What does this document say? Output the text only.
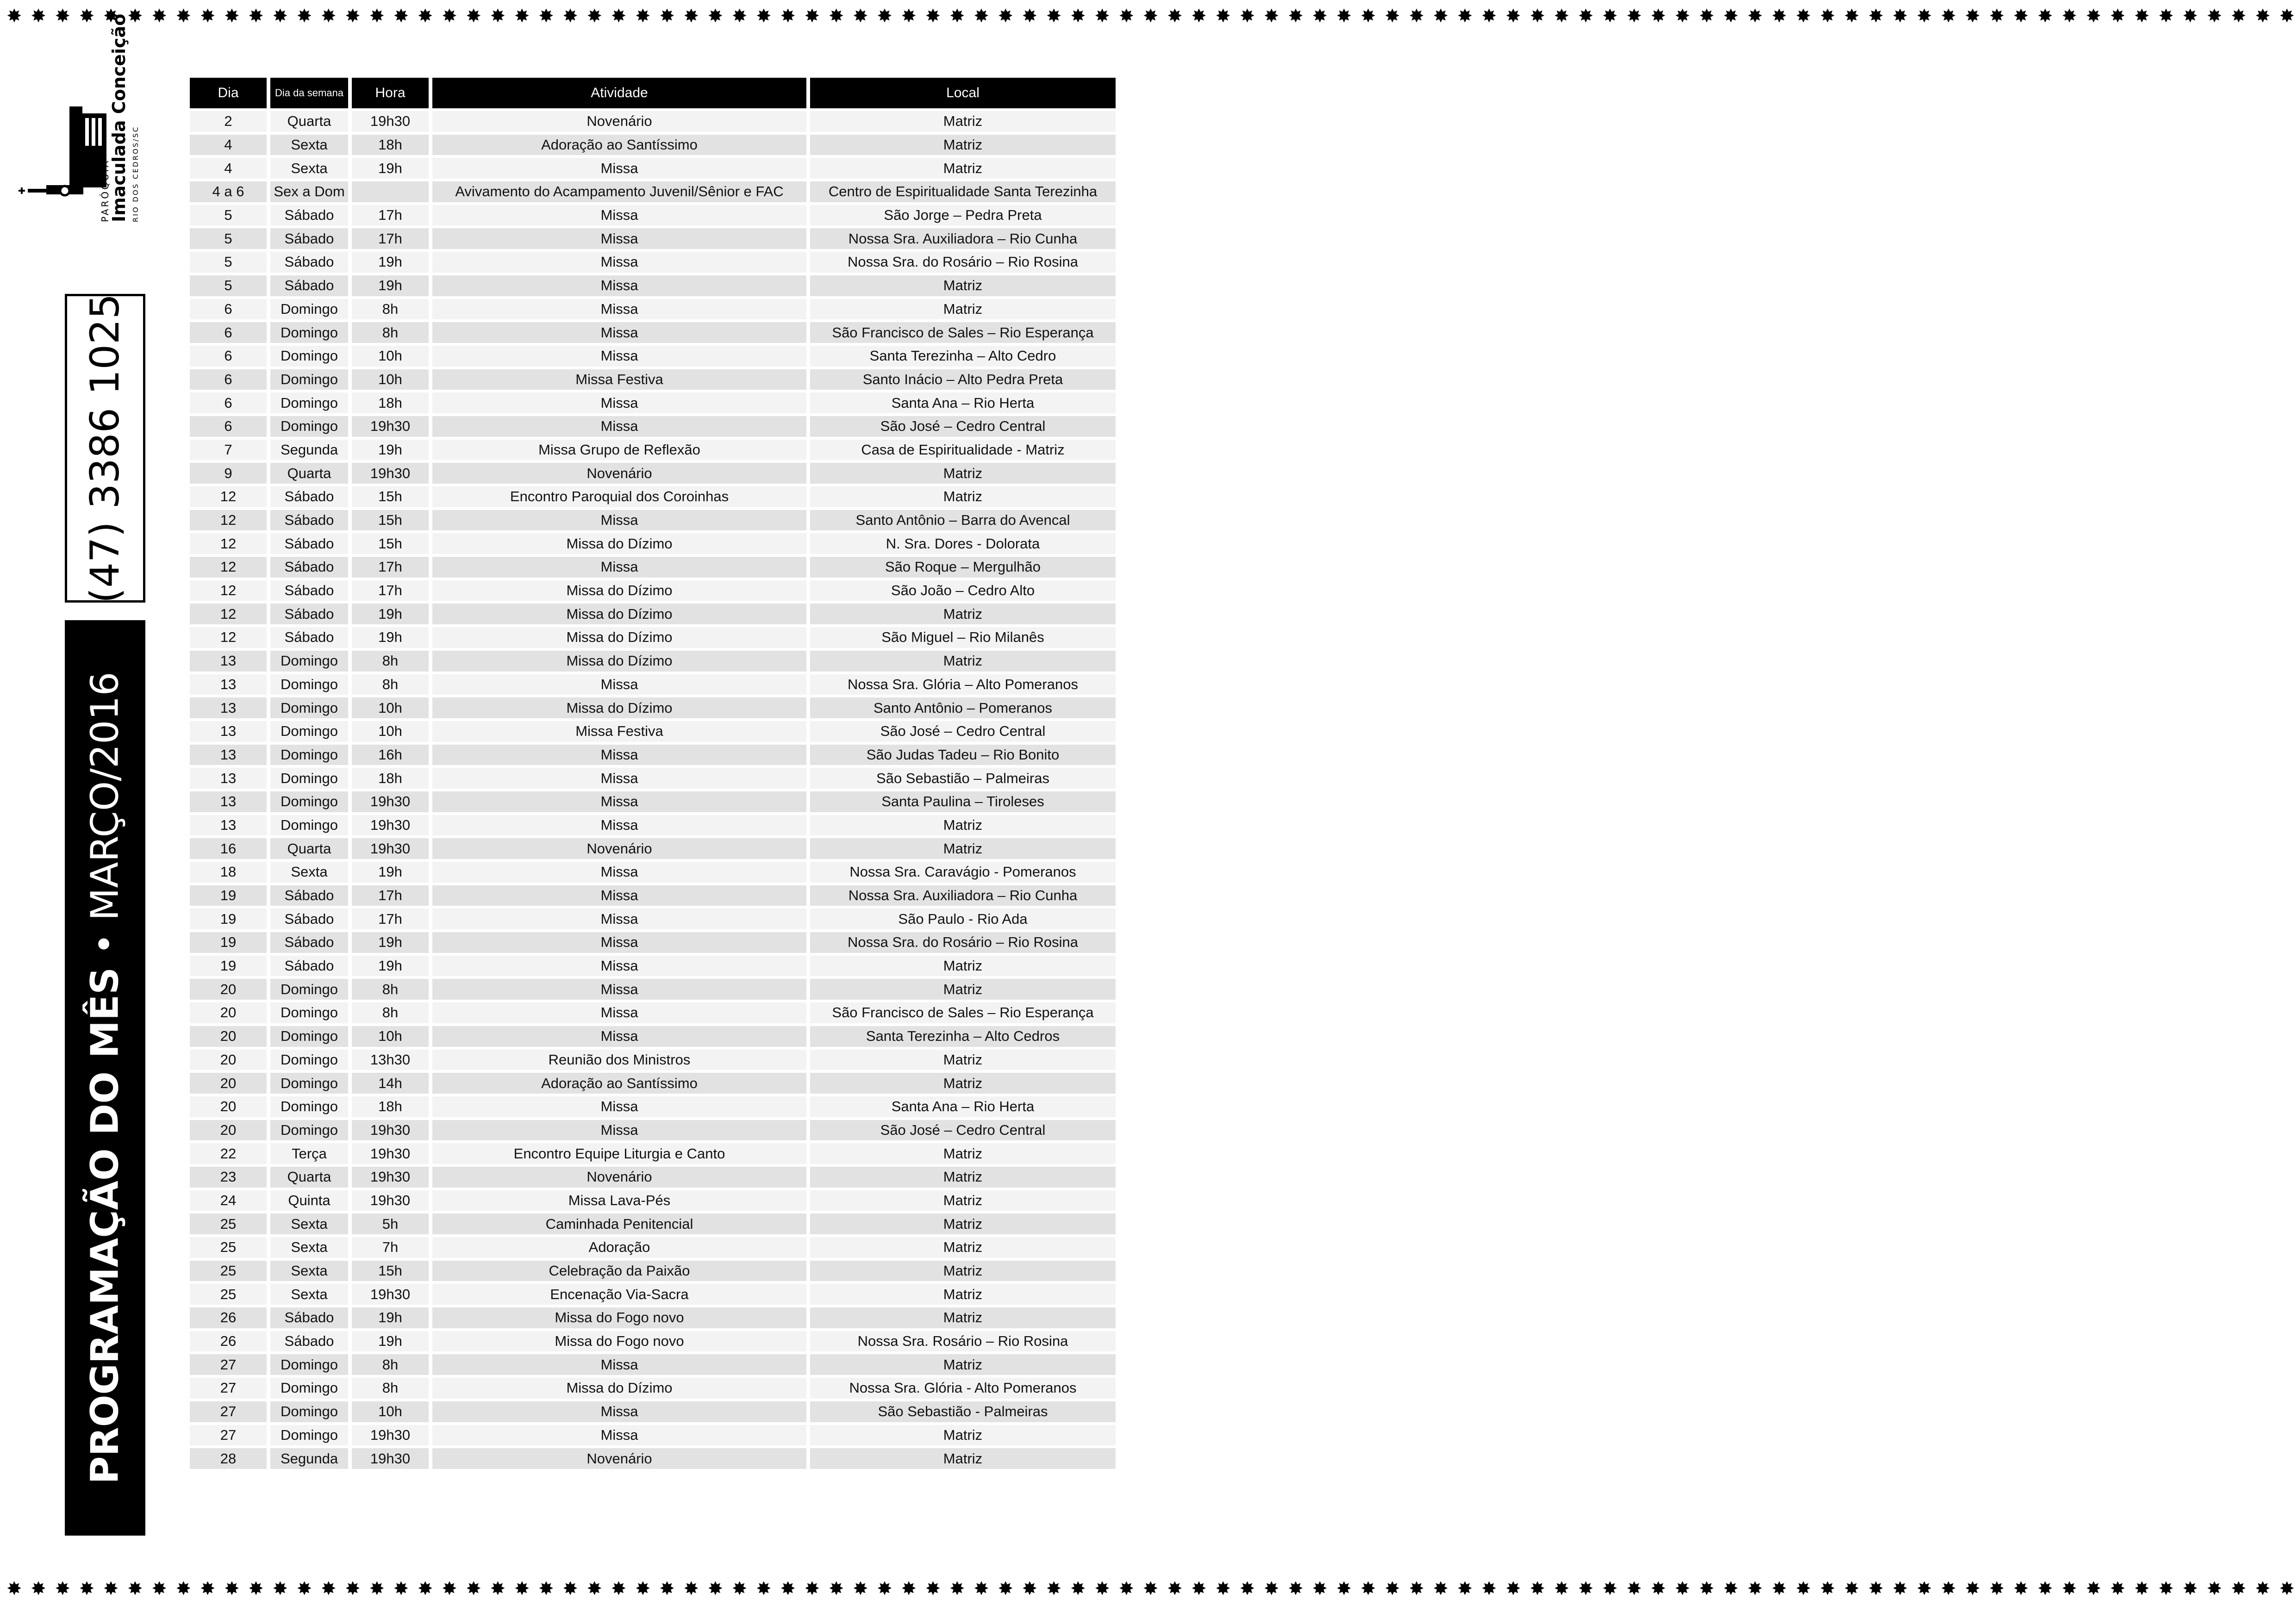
✸ ✸ ✸ ✸ ✸ ✸ ✸ ✸ ✸ ✸ ✸ ✸ ✸ ✸ ✸ ✸ ✸ ✸ ✸ ✸ ✸ ✸ ✸ ✸ ✸ ✸ ✸ ✸ ✸ ✸ ✸ ✸ ✸ ✸ ✸ ✸ ✸ ✸ ✸ ✸ ✸ ✸ ✸ ✸ ✸ ✸ ✸ ✸ ✸ ✸ ✸ ✸ ✸ ✸ ✸ ✸ ✸ ✸ ✸ ✸ ✸ ✸ ✸ ✸ ✸ ✸ ✸ ✸ ✸ ✸ ✸ ✸ ✸ ✸ ✸ ✸ ✸ ✸ ✸ ✸ ✸ ✸ ✸ ✸ ✸ ✸ ✸ ✸ ✸ ✸ ✸ ✸ ✸ ✸ ✸
✸ ✸ ✸ ✸ ✸ ✸ ✸ ✸ ✸ ✸ ✸ ✸ ✸ ✸ ✸ ✸ ✸ ✸ ✸ ✸ ✸ ✸ ✸ ✸ ✸ ✸ ✸ ✸ ✸ ✸ ✸ ✸ ✸ ✸ ✸ ✸ ✸ ✸ ✸ ✸ ✸ ✸ ✸ ✸ ✸ ✸ ✸ ✸ ✸ ✸ ✸ ✸ ✸ ✸ ✸ ✸ ✸ ✸ ✸ ✸ ✸ ✸ ✸ ✸ ✸ ✸ ✸ ✸ ✸ ✸ ✸ ✸ ✸ ✸ ✸ ✸ ✸ ✸ ✸ ✸ ✸ ✸ ✸ ✸ ✸ ✸ ✸ ✸ ✸ ✸ ✸ ✸ ✸ ✸ ✸
PARÓQUIA
Imaculada Conceição RIO DOS CEDROS/SC
(47) 3386 1025
PROGRAMAÇÃO DO MÊS • MARÇO/2016
Dia	Dia da semana	Hora	Atividade	Local
2	Quarta	19h30	Novenário	Matriz
4	Sexta	18h	Adoração ao Santíssimo	Matriz
4	Sexta	19h	Missa	Matriz
4 a 6	Sex a Dom		Avivamento do Acampamento Juvenil/Sênior e FAC	Centro de Espiritualidade Santa Terezinha
5	Sábado	17h	Missa	São Jorge – Pedra Preta
5	Sábado	17h	Missa	Nossa Sra. Auxiliadora – Rio Cunha
5	Sábado	19h	Missa	Nossa Sra. do Rosário – Rio Rosina
5	Sábado	19h	Missa	Matriz
6	Domingo	8h	Missa	Matriz
6	Domingo	8h	Missa	São Francisco de Sales – Rio Esperança
6	Domingo	10h	Missa	Santa Terezinha – Alto Cedro
6	Domingo	10h	Missa Festiva	Santo Inácio – Alto Pedra Preta
6	Domingo	18h	Missa	Santa Ana – Rio Herta
6	Domingo	19h30	Missa	São José – Cedro Central
7	Segunda	19h	Missa Grupo de Reflexão	Casa de Espiritualidade - Matriz
9	Quarta	19h30	Novenário	Matriz
12	Sábado	15h	Encontro Paroquial dos Coroinhas	Matriz
12	Sábado	15h	Missa	Santo Antônio – Barra do Avencal
12	Sábado	15h	Missa do Dízimo	N. Sra. Dores - Dolorata
12	Sábado	17h	Missa	São Roque – Mergulhão
12	Sábado	17h	Missa do Dízimo	São João – Cedro Alto
12	Sábado	19h	Missa do Dízimo	Matriz
12	Sábado	19h	Missa do Dízimo	São Miguel – Rio Milanês
13	Domingo	8h	Missa do Dízimo	Matriz
13	Domingo	8h	Missa	Nossa Sra. Glória – Alto Pomeranos
13	Domingo	10h	Missa do Dízimo	Santo Antônio – Pomeranos
13	Domingo	10h	Missa Festiva	São José – Cedro Central
13	Domingo	16h	Missa	São Judas Tadeu – Rio Bonito
13	Domingo	18h	Missa	São Sebastião – Palmeiras
13	Domingo	19h30	Missa	Santa Paulina – Tiroleses
13	Domingo	19h30	Missa	Matriz
16	Quarta	19h30	Novenário	Matriz
18	Sexta	19h	Missa	Nossa Sra. Caravágio - Pomeranos
19	Sábado	17h	Missa	Nossa Sra. Auxiliadora – Rio Cunha
19	Sábado	17h	Missa	São Paulo - Rio Ada
19	Sábado	19h	Missa	Nossa Sra. do Rosário – Rio Rosina
19	Sábado	19h	Missa	Matriz
20	Domingo	8h	Missa	Matriz
20	Domingo	8h	Missa	São Francisco de Sales – Rio Esperança
20	Domingo	10h	Missa	Santa Terezinha – Alto Cedros
20	Domingo	13h30	Reunião dos Ministros	Matriz
20	Domingo	14h	Adoração ao Santíssimo	Matriz
20	Domingo	18h	Missa	Santa Ana – Rio Herta
20	Domingo	19h30	Missa	São José – Cedro Central
22	Terça	19h30	Encontro Equipe Liturgia e Canto	Matriz
23	Quarta	19h30	Novenário	Matriz
24	Quinta	19h30	Missa Lava-Pés	Matriz
25	Sexta	5h	Caminhada Penitencial	Matriz
25	Sexta	7h	Adoração	Matriz
25	Sexta	15h	Celebração da Paixão	Matriz
25	Sexta	19h30	Encenação Via-Sacra	Matriz
26	Sábado	19h	Missa do Fogo novo	Matriz
26	Sábado	19h	Missa do Fogo novo	Nossa Sra. Rosário – Rio Rosina
27	Domingo	8h	Missa	Matriz
27	Domingo	8h	Missa do Dízimo	Nossa Sra. Glória - Alto Pomeranos
27	Domingo	10h	Missa	São Sebastião - Palmeiras
27	Domingo	19h30	Missa	Matriz
28	Segunda	19h30	Novenário	Matriz
